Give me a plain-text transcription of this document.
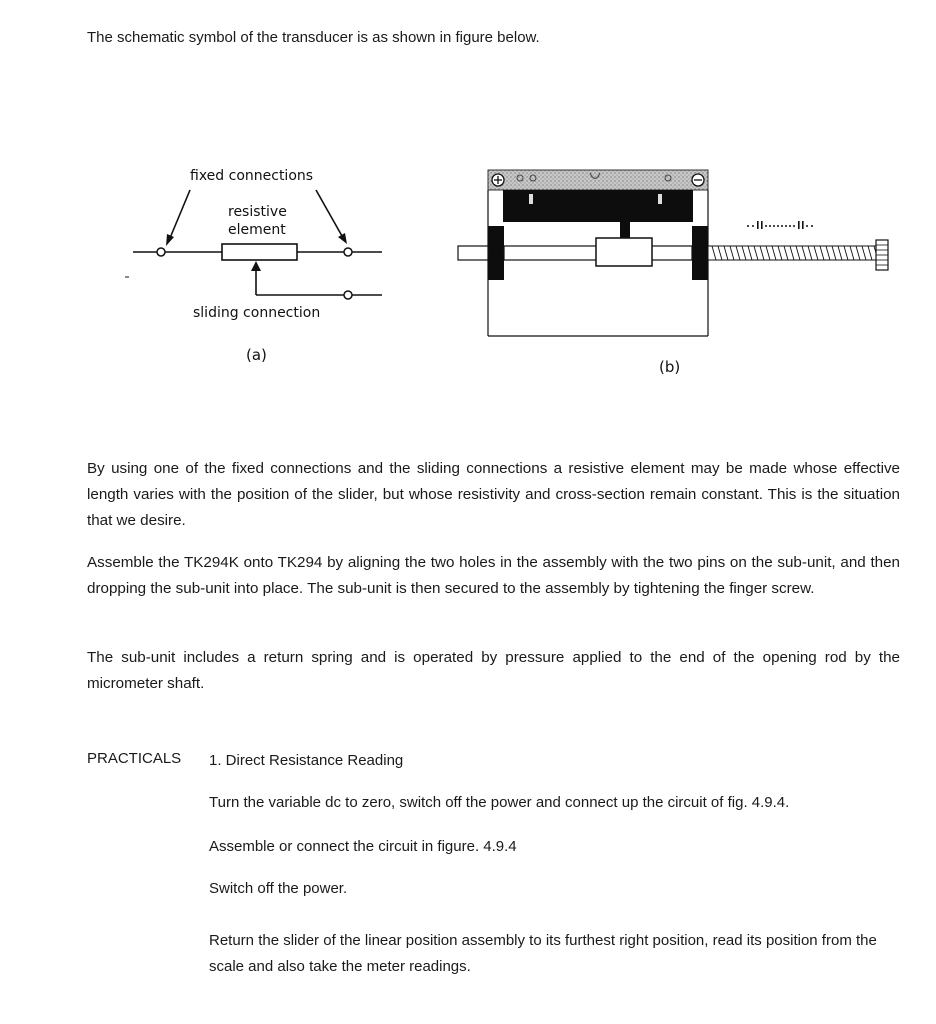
The schematic symbol of the transducer is as shown in figure below.
fixed connections
resistive
element
sliding connection
(a)
(b)

By using one of the fixed connections and the sliding connections a resistive element may be made whose effective length varies with the position of the slider, but whose resistivity and cross-section remain constant. This is the situation that we desire.

Assemble the TK294K onto TK294 by aligning the two holes in the assembly with the two pins on the sub-unit, and then dropping the sub-unit into place. The sub-unit is then secured to the assembly by tightening the finger screw.

The sub-unit includes a return spring and is operated by pressure applied to the end of the opening rod by the micrometer shaft.

PRACTICALS 1. Direct Resistance Reading

Turn the variable dc to zero, switch off the power and connect up the circuit of fig. 4.9.4.

Assemble or connect the circuit in figure. 4.9.4

Switch off the power.

Return the slider of the linear position assembly to its furthest right position, read its position from the scale and also take the meter readings.
